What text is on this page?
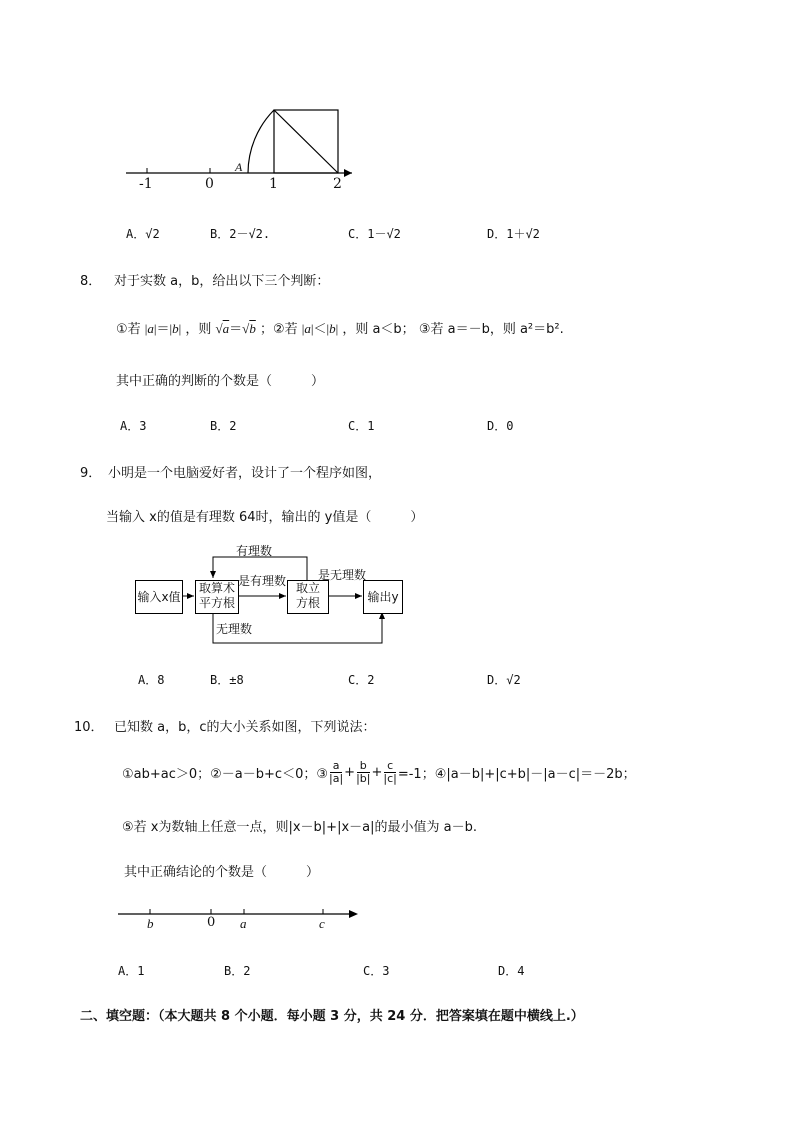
-1	0	1	2
A
A．√2	B．2－√2.	C．1－√2	D．1＋√2
8． 对于实数 a，b，给出以下三个判断：
①若 |a|＝|b| ，则 √a＝√b ；②若 |a|＜|b| ，则 a＜b； ③若 a＝－b，则 a²＝b².
其中正确的判断的个数是（　　　）
A．3	B．2	C．1	D．0
9． 小明是一个电脑爱好者，设计了一个程序如图，
当输入 x的值是有理数 64时，输出的 y值是（　　　）
输入x值
取算术
平方根
取立
方根	输出y
有理数
是有理数	是无理数
无理数
A．8	B．±8	C．2	D．√2
10． 已知数 a，b，c的大小关系如图，下列说法：
①ab+ac＞0；②－a－b+c＜0；③ $\frac{a}{|a|} + \frac{b}{|b|} + \frac{c}{|c|} =-1$；④|a－b|+|c+b|－|a－c|＝－2b；
⑤若 x为数轴上任意一点，则|x－b|+|x－a|的最小值为 a－b.
其中正确结论的个数是（　　　）
b	0 a	c
A．1	B．2	C．3	D．4
二、填空题：（本大题共 8 个小题．每小题 3 分，共 24 分．把答案填在题中横线上.）
